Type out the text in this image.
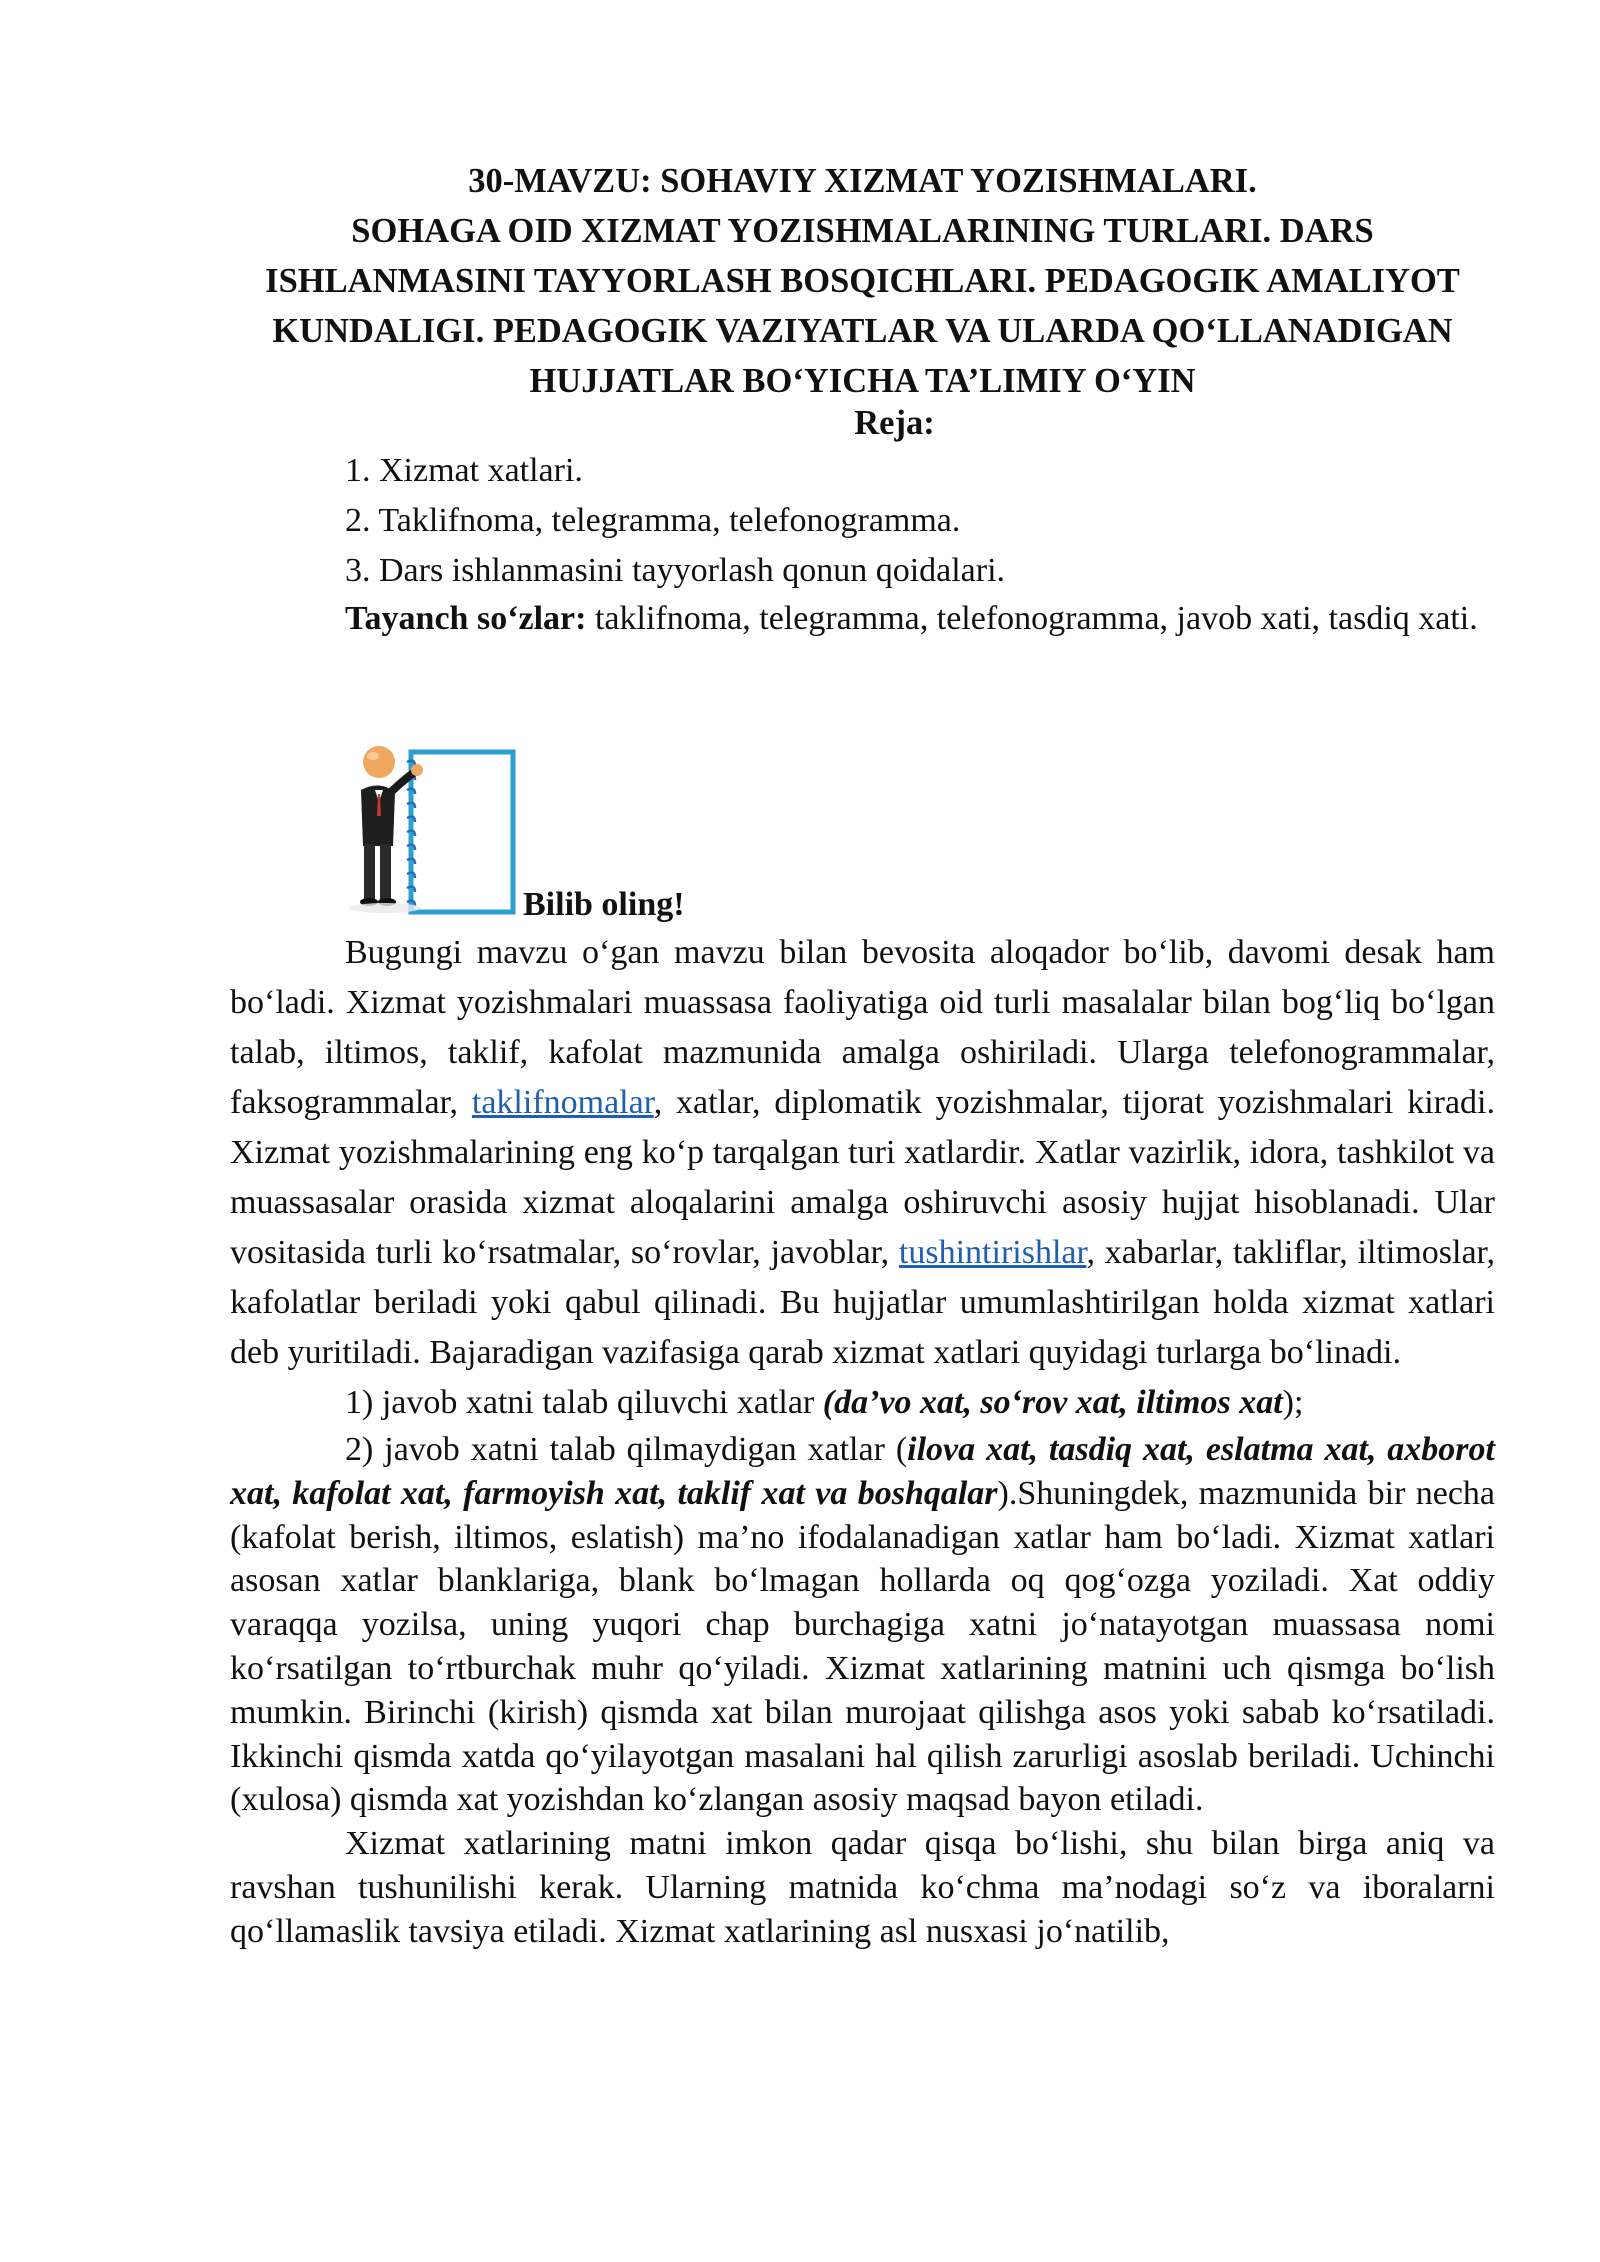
30-MAVZU: SOHAVIY XIZMAT YOZISHMALARI.
SOHAGA OID XIZMAT YOZISHMALARINING TURLARI. DARS ISHLANMASINI TAYYORLASH BOSQICHLARI. PEDAGOGIK AMALIYOT KUNDALIGI. PEDAGOGIK VAZIYATLAR VA ULARDA QO‘LLANADIGAN HUJJATLAR BO‘YICHA TA’LIMIY O‘YIN
Reja:
1. Xizmat xatlari.
2. Taklifnoma, telegramma, telefonogramma.
3. Dars ishlanmasini tayyorlash qonun qoidalari.
Tayanch so‘zlar: taklifnoma, telegramma, telefonogramma, javob xati, tasdiq xati.
Bilib oling!

Bugungi mavzu o‘gan mavzu bilan bevosita aloqador bo‘lib, davomi desak ham bo‘ladi. Xizmat yozishmalari muassasa faoliyatiga oid turli masalalar bilan bog‘liq bo‘lgan talab, iltimos, taklif, kafolat mazmunida amalga oshiriladi. Ularga telefonogrammalar, faksogrammalar, taklifnomalar, xatlar, diplomatik yozishmalar, tijorat yozishmalari kiradi. Xizmat yozishmalarining eng ko‘p tarqalgan turi xatlardir. Xatlar vazirlik, idora, tashkilot va muassasalar orasida xizmat aloqalarini amalga oshiruvchi asosiy hujjat hisoblanadi. Ular vositasida turli ko‘rsatmalar, so‘rovlar, javoblar, tushintirishlar, xabarlar, takliflar, iltimoslar, kafolatlar beriladi yoki qabul qilinadi. Bu hujjatlar umumlashtirilgan holda xizmat xatlari deb yuritiladi. Bajaradigan vazifasiga qarab xizmat xatlari quyidagi turlarga bo‘linadi.

1) javob xatni talab qiluvchi xatlar (da’vo xat, so‘rov xat, iltimos xat);

2) javob xatni talab qilmaydigan xatlar (ilova xat, tasdiq xat, eslatma xat, axborot xat, kafolat xat, farmoyish xat, taklif xat va boshqalar).Shuningdek, mazmunida bir necha (kafolat berish, iltimos, eslatish) ma’no ifodalanadigan xatlar ham bo‘ladi. Xizmat xatlari asosan xatlar blanklariga, blank bo‘lmagan hollarda oq qog‘ozga yoziladi. Xat oddiy varaqqa yozilsa, uning yuqori chap burchagiga xatni jo‘natayotgan muassasa nomi ko‘rsatilgan to‘rtburchak muhr qo‘yiladi. Xizmat xatlarining matnini uch qismga bo‘lish mumkin. Birinchi (kirish) qismda xat bilan murojaat qilishga asos yoki sabab ko‘rsatiladi. Ikkinchi qismda xatda qo‘yilayotgan masalani hal qilish zarurligi asoslab beriladi. Uchinchi (xulosa) qismda xat yozishdan ko‘zlangan asosiy maqsad bayon etiladi.

Xizmat xatlarining matni imkon qadar qisqa bo‘lishi, shu bilan birga aniq va ravshan tushunilishi kerak. Ularning matnida ko‘chma ma’nodagi so‘z va iboralarni qo‘llamaslik tavsiya etiladi. Xizmat xatlarining asl nusxasi jo‘natilib,
